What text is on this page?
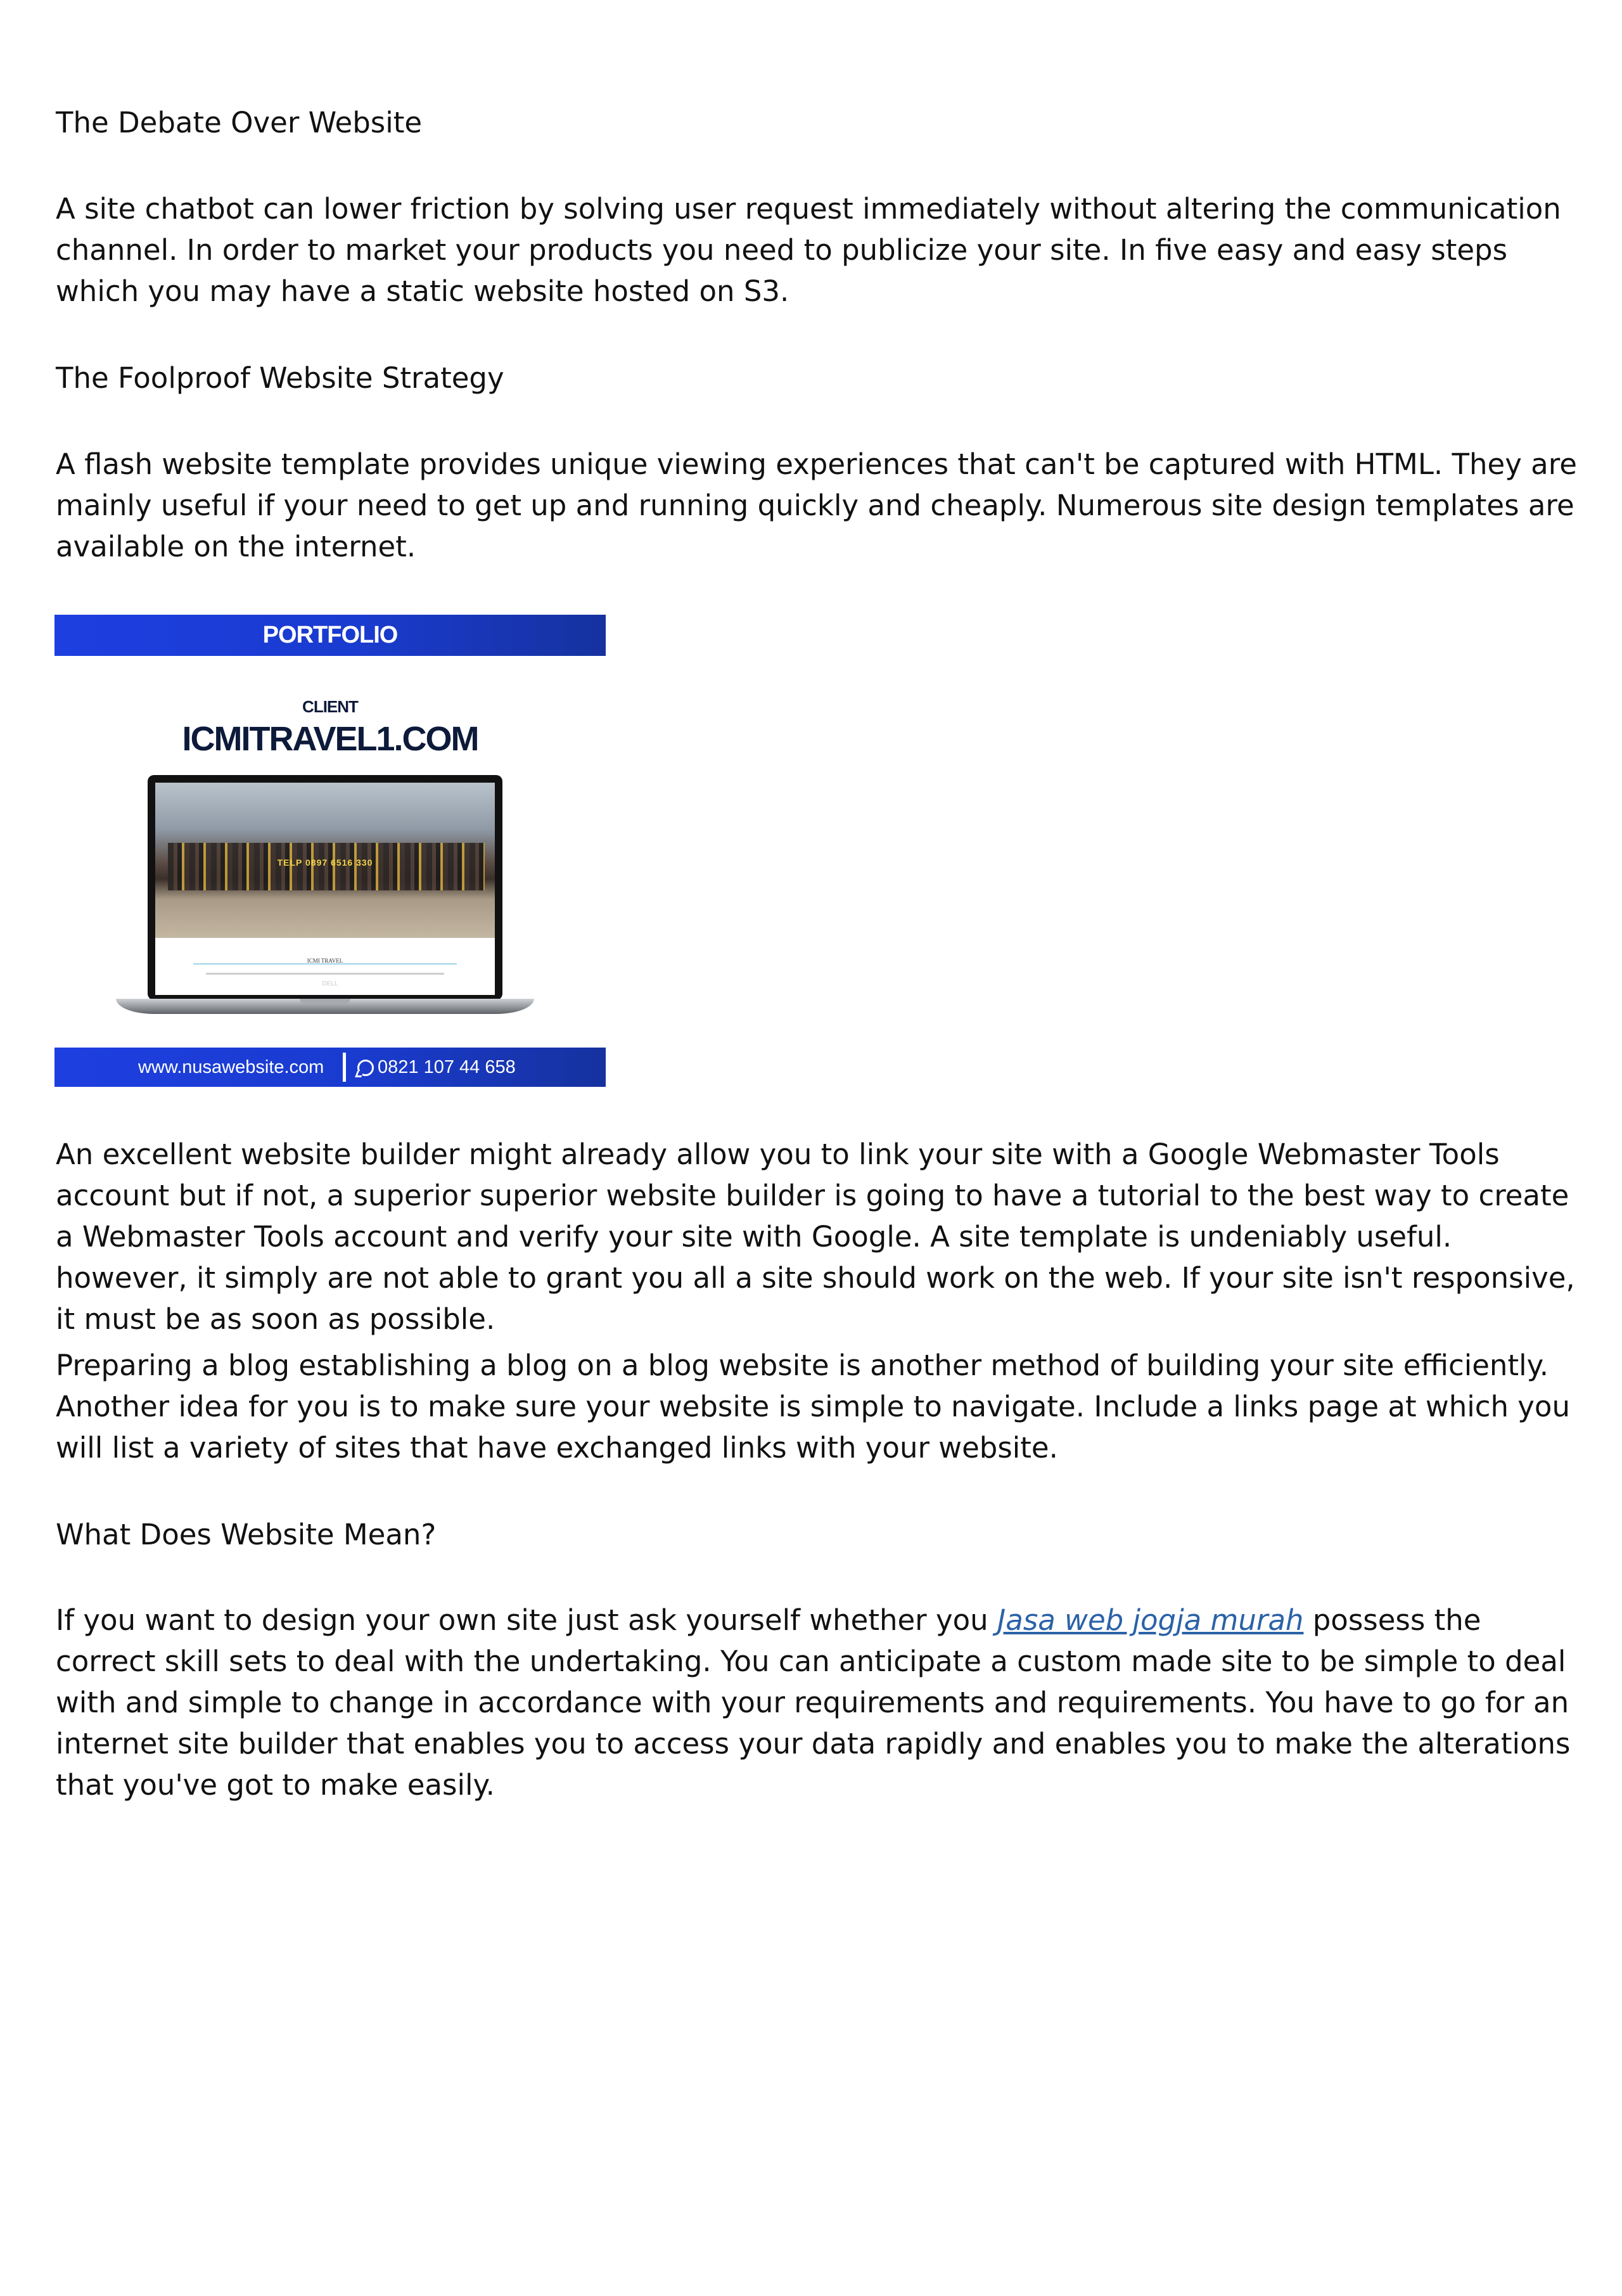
The Debate Over Website

A site chatbot can lower friction by solving user request immediately without altering the communication channel. In order to market your products you need to publicize your site. In five easy and easy steps which you may have a static website hosted on S3.

The Foolproof Website Strategy

A flash website template provides unique viewing experiences that can't be captured with HTML. They are mainly useful if your need to get up and running quickly and cheaply. Numerous site design templates are available on the internet.

PORTFOLIO
CLIENT
ICMITRAVEL1.COM
TELP 0897 6516 330
ICMI TRAVEL
DELL
www.nusawebsite.com	0821 107 44 658

An excellent website builder might already allow you to link your site with a Google Webmaster Tools account but if not, a superior superior website builder is going to have a tutorial to the best way to create a Webmaster Tools account and verify your site with Google. A site template is undeniably useful. however, it simply are not able to grant you all a site should work on the web. If your site isn't responsive, it must be as soon as possible.

Preparing a blog establishing a blog on a blog website is another method of building your site efficiently. Another idea for you is to make sure your website is simple to navigate. Include a links page at which you will list a variety of sites that have exchanged links with your website.

What Does Website Mean?

If you want to design your own site just ask yourself whether you Jasa web jogja murah possess the correct skill sets to deal with the undertaking. You can anticipate a custom made site to be simple to deal with and simple to change in accordance with your requirements and requirements. You have to go for an internet site builder that enables you to access your data rapidly and enables you to make the alterations that you've got to make easily.
